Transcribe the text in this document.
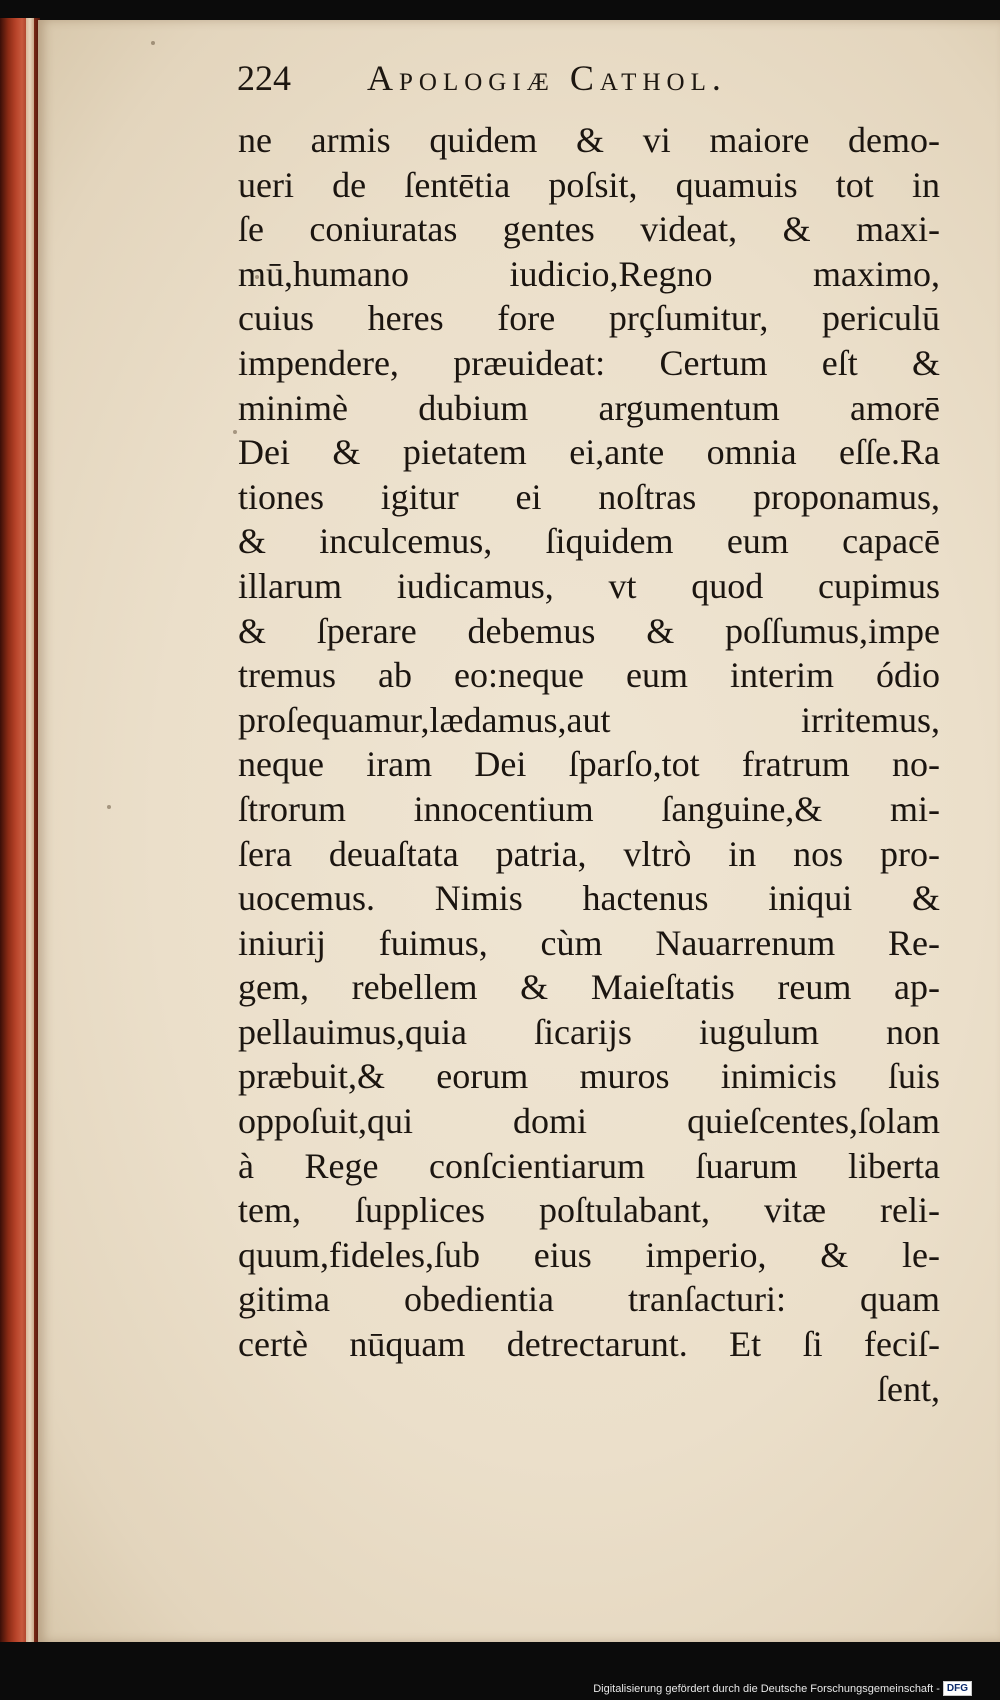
224 Apologiæ Cathol.
ne armis quidem & vi maiore demo-
ueri de ſentētia poſsit, quamuis tot in
ſe coniuratas gentes videat, & maxi-
mū,humano iudicio,Regno maximo,
cuius heres fore prçſumitur, periculū
impendere, præuideat: Certum eſt &
minimè dubium argumentum amorē
Dei & pietatem ei,ante omnia eſſe.Ra
tiones igitur ei noſtras proponamus,
& inculcemus, ſiquidem eum capacē
illarum iudicamus, vt quod cupimus
& ſperare debemus & poſſumus,impe
tremus ab eo:neque eum interim ódio
proſequamur,lædamus,aut irritemus,
neque iram Dei ſparſo,tot fratrum no-
ſtrorum innocentium ſanguine,& mi-
ſera deuaſtata patria, vltrò in nos pro-
uocemus. Nimis hactenus iniqui &
iniurij fuimus, cùm Nauarrenum Re-
gem, rebellem & Maieſtatis reum ap-
pellauimus,quia ſicarijs iugulum non
præbuit,& eorum muros inimicis ſuis
oppoſuit,qui domi quieſcentes,ſolam
à Rege conſcientiarum ſuarum liberta
tem, ſupplices poſtulabant, vitæ reli-
quum,fideles,ſub eius imperio, & le-
gitima obedientia tranſacturi: quam
certè nūquam detrectarunt. Et ſi feciſ-
ſent,
Digitalisierung gefördert durch die Deutsche Forschungsgemeinschaft - DFG
